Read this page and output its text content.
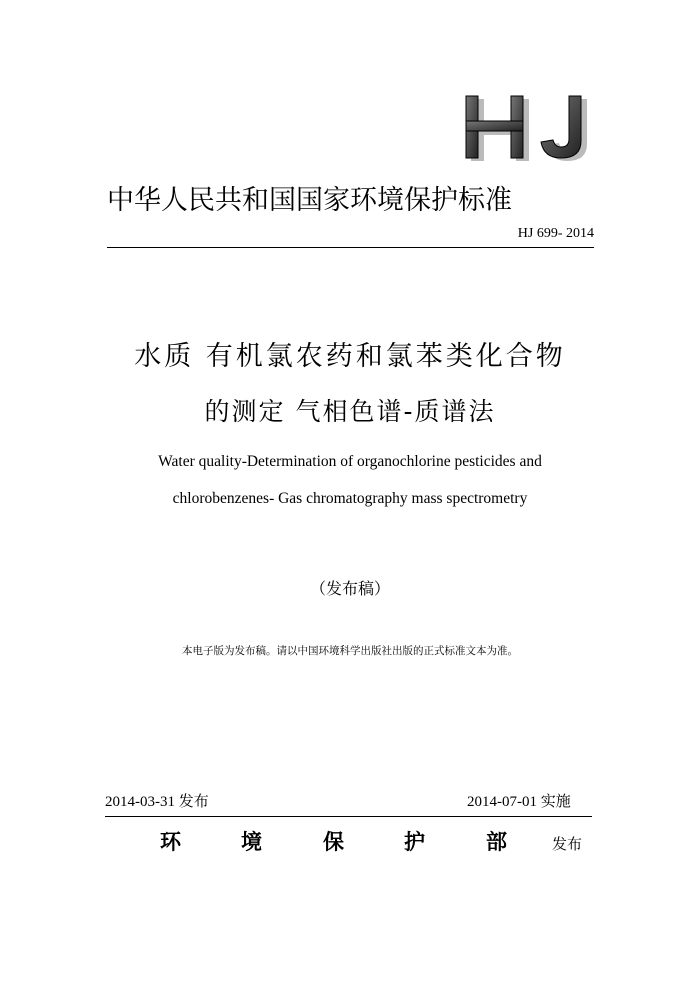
HJ
中华人民共和国国家环境保护标准
HJ 699- 2014
水质 有机氯农药和氯苯类化合物
的测定 气相色谱-质谱法
Water quality-Determination of organochlorine pesticides and
chlorobenzenes- Gas chromatography mass spectrometry
（发布稿）
本电子版为发布稿。请以中国环境科学出版社出版的正式标准文本为准。
2014-03-31 发布	2014-07-01 实施
环	境	保	护	部	发布
